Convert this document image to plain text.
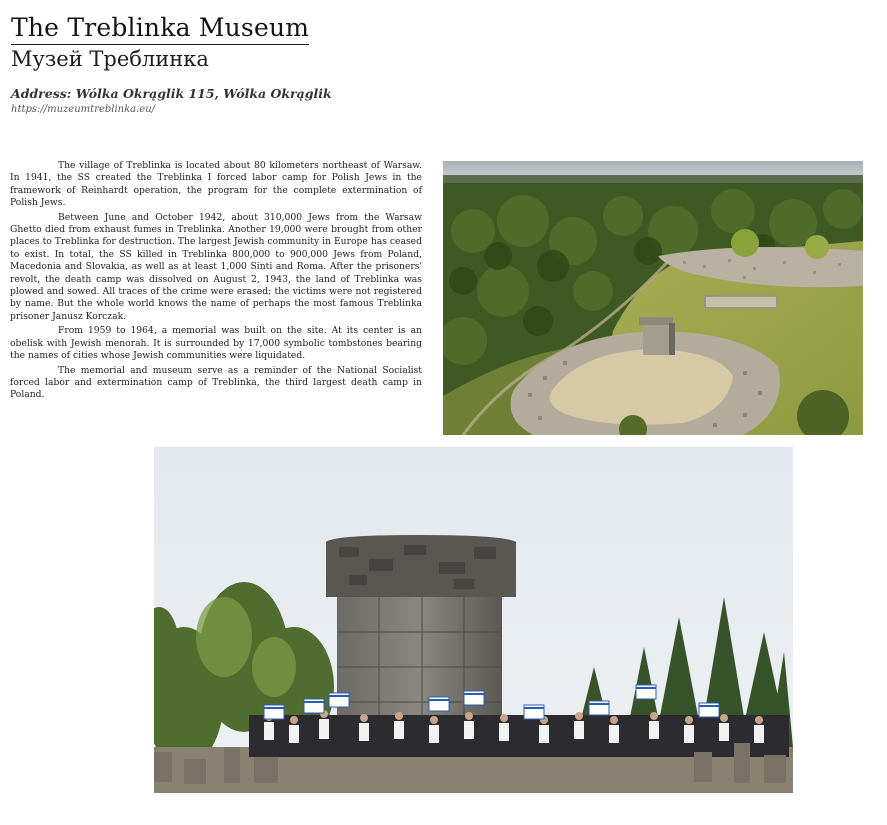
The Treblinka Museum
Музей Треблинка
Address: Wólka Okrąglik 115, Wólka Okrąglik
https://muzeumtreblinka.eu/

The village of Treblinka is located about 80 kilometers northeast of Warsaw. In 1941, the SS created the Treblinka I forced labor camp for Polish Jews in the framework of Reinhardt operation, the program for the complete extermination of Polish Jews.

Between June and October 1942, about 310,000 Jews from the Warsaw Ghetto died from exhaust fumes in Treblinka. Another 19,000 were brought from other places to Treblinka for destruction. The largest Jewish community in Europe has ceased to exist. In total, the SS killed in Treblinka 800,000 to 900,000 Jews from Poland, Macedonia and Slovakia, as well as at least 1,000 Sinti and Roma. After the prisoners' revolt, the death camp was dissolved on August 2, 1943, the land of Treblinka was plowed and sowed. All traces of the crime were erased; the victims were not registered by name. But the whole world knows the name of perhaps the most famous Treblinka prisoner Janusz Korczak.

From 1959 to 1964, a memorial was built on the site. At its center is an obelisk with Jewish menorah. It is surrounded by 17,000 symbolic tombstones bearing the names of cities whose Jewish communities were liquidated.

The memorial and museum serve as a reminder of the National Socialist forced labor and extermination camp of Treblinka, the third largest death camp in Poland.
